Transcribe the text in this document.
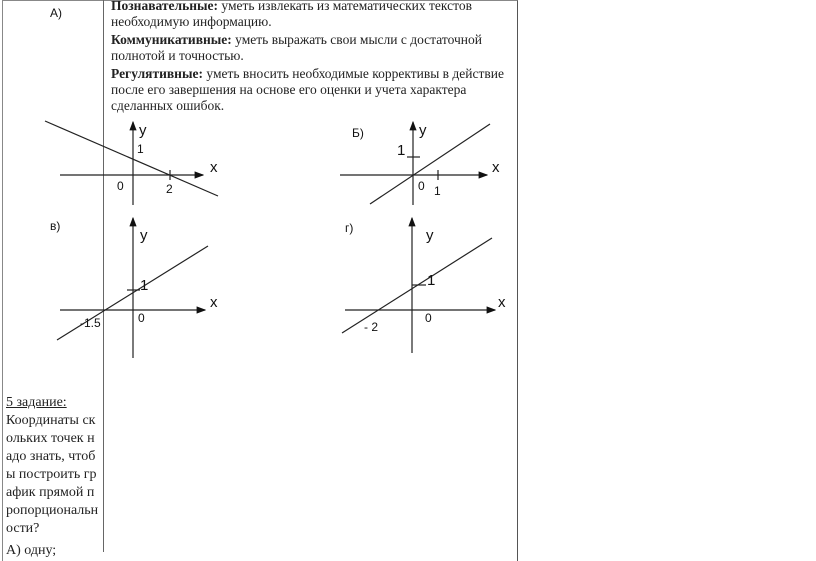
А)
x
y
0	2
1
Б)
x
y
0 1
1
в)
x
y
0
-1.5
1
г)
x
y
0
- 2
1

Познавательные: уметь извлекать из математических текстов необходимую информацию.

Коммуникативные: уметь выражать свои мысли с достаточной полнотой и точностью.

Регулятивные: уметь вносить необходимые коррективы в действие после его завершения на основе его оценки и учета характера сделанных ошибок.

5 задание:

Координаты скольких точек надо знать, чтобы построить график прямой пропорциональности?

А) одну;
